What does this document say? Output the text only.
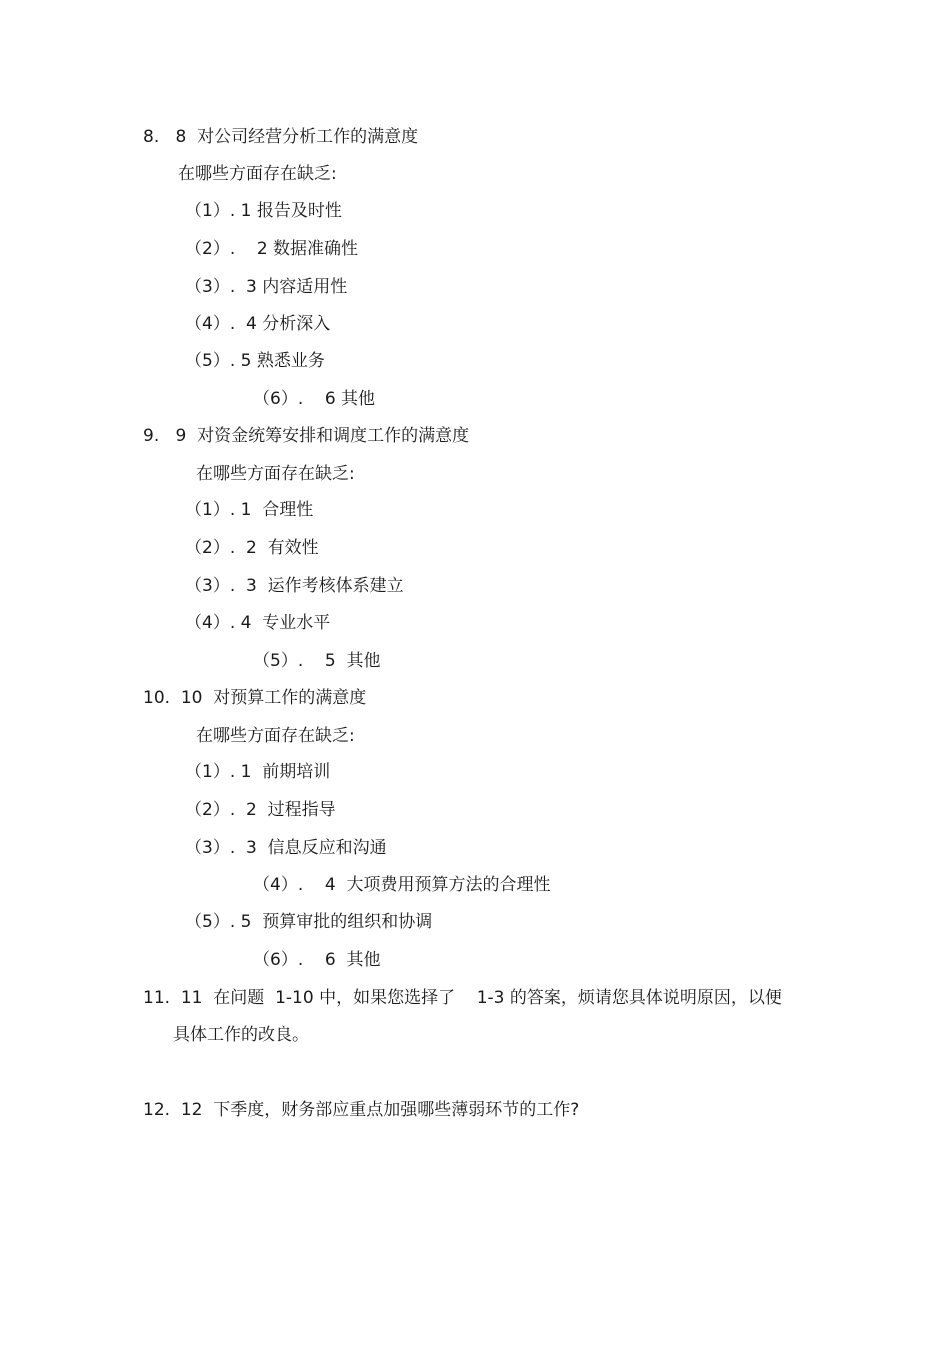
8. 8  对公司经营分析工作的满意度
在哪些方面存在缺乏:
（1）. 1 报告及时性
（2）.    2 数据准确性
（3）.  3 内容适用性
（4）.  4 分析深入
（5）. 5 熟悉业务
（6）.    6 其他
9. 9  对资金统筹安排和调度工作的满意度
在哪些方面存在缺乏:
（1）. 1  合理性
（2）.  2  有效性
（3）.  3  运作考核体系建立
（4）. 4  专业水平
（5）.    5  其他
10. 10  对预算工作的满意度
在哪些方面存在缺乏:
（1）. 1  前期培训
（2）.  2  过程指导
（3）.  3  信息反应和沟通
（4）.    4  大项费用预算方法的合理性
（5）. 5  预算审批的组织和协调
（6）.    6  其他
11. 11  在问题  1-10 中，如果您选择了    1-3 的答案，烦请您具体说明原因，以便
具体工作的改良。
12. 12  下季度，财务部应重点加强哪些薄弱环节的工作?
